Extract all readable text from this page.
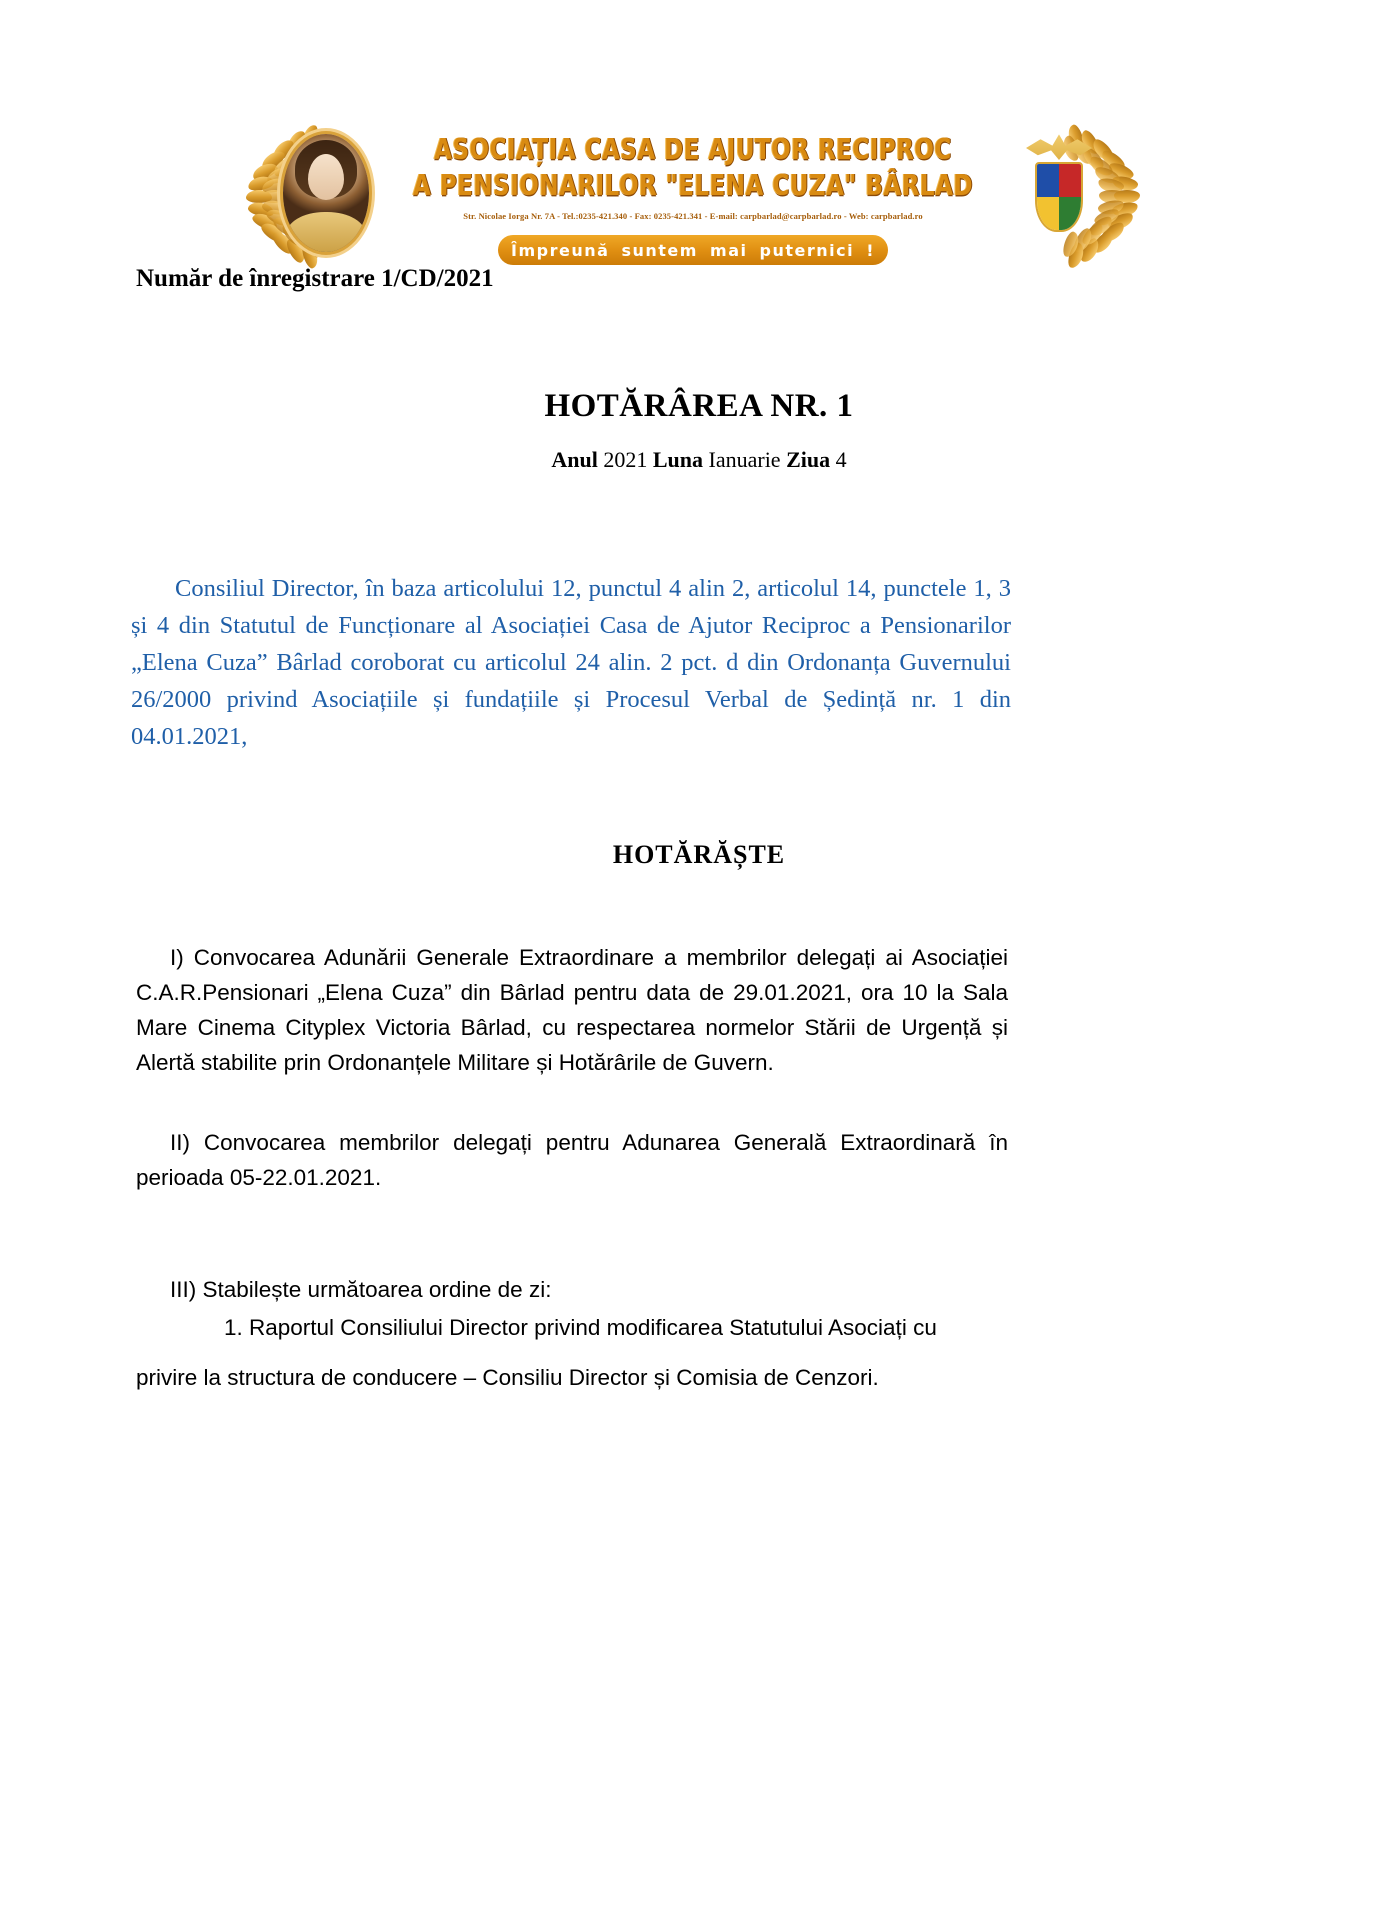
ASOCIAȚIA CASA DE AJUTOR RECIPROC
A PENSIONARILOR "ELENA CUZA" BÂRLAD
Str. Nicolae Iorga Nr. 7A - Tel.:0235-421.340 - Fax: 0235-421.341 - E-mail: carpbarlad@carpbarlad.ro - Web: carpbarlad.ro
Împreună suntem mai puternici !
Număr de înregistrare 1/CD/2021
HOTĂRÂREA NR. 1
Anul 2021 Luna Ianuarie Ziua 4
Consiliul Director, în baza articolului 12, punctul 4 alin 2, articolul 14, punctele 1, 3 și 4 din Statutul de Funcționare al Asociației Casa de Ajutor Reciproc a Pensionarilor „Elena Cuza” Bârlad coroborat cu articolul 24 alin. 2 pct. d din Ordonanța Guvernului 26/2000 privind Asociațiile și fundațiile și Procesul Verbal de Ședință nr. 1 din 04.01.2021,
HOTĂRĂȘTE
I) Convocarea Adunării Generale Extraordinare a membrilor delegați ai Asociației C.A.R.Pensionari „Elena Cuza” din Bârlad pentru data de 29.01.2021, ora 10 la Sala Mare Cinema Cityplex Victoria Bârlad, cu respectarea normelor Stării de Urgență și Alertă stabilite prin Ordonanțele Militare și Hotărârile de Guvern.
II) Convocarea membrilor delegați pentru Adunarea Generală Extraordinară în perioada 05-22.01.2021.
III) Stabilește următoarea ordine de zi:
1. Raportul Consiliului Director privind modificarea Statutului Asociați cu
privire la structura de conducere – Consiliu Director și Comisia de Cenzori.
